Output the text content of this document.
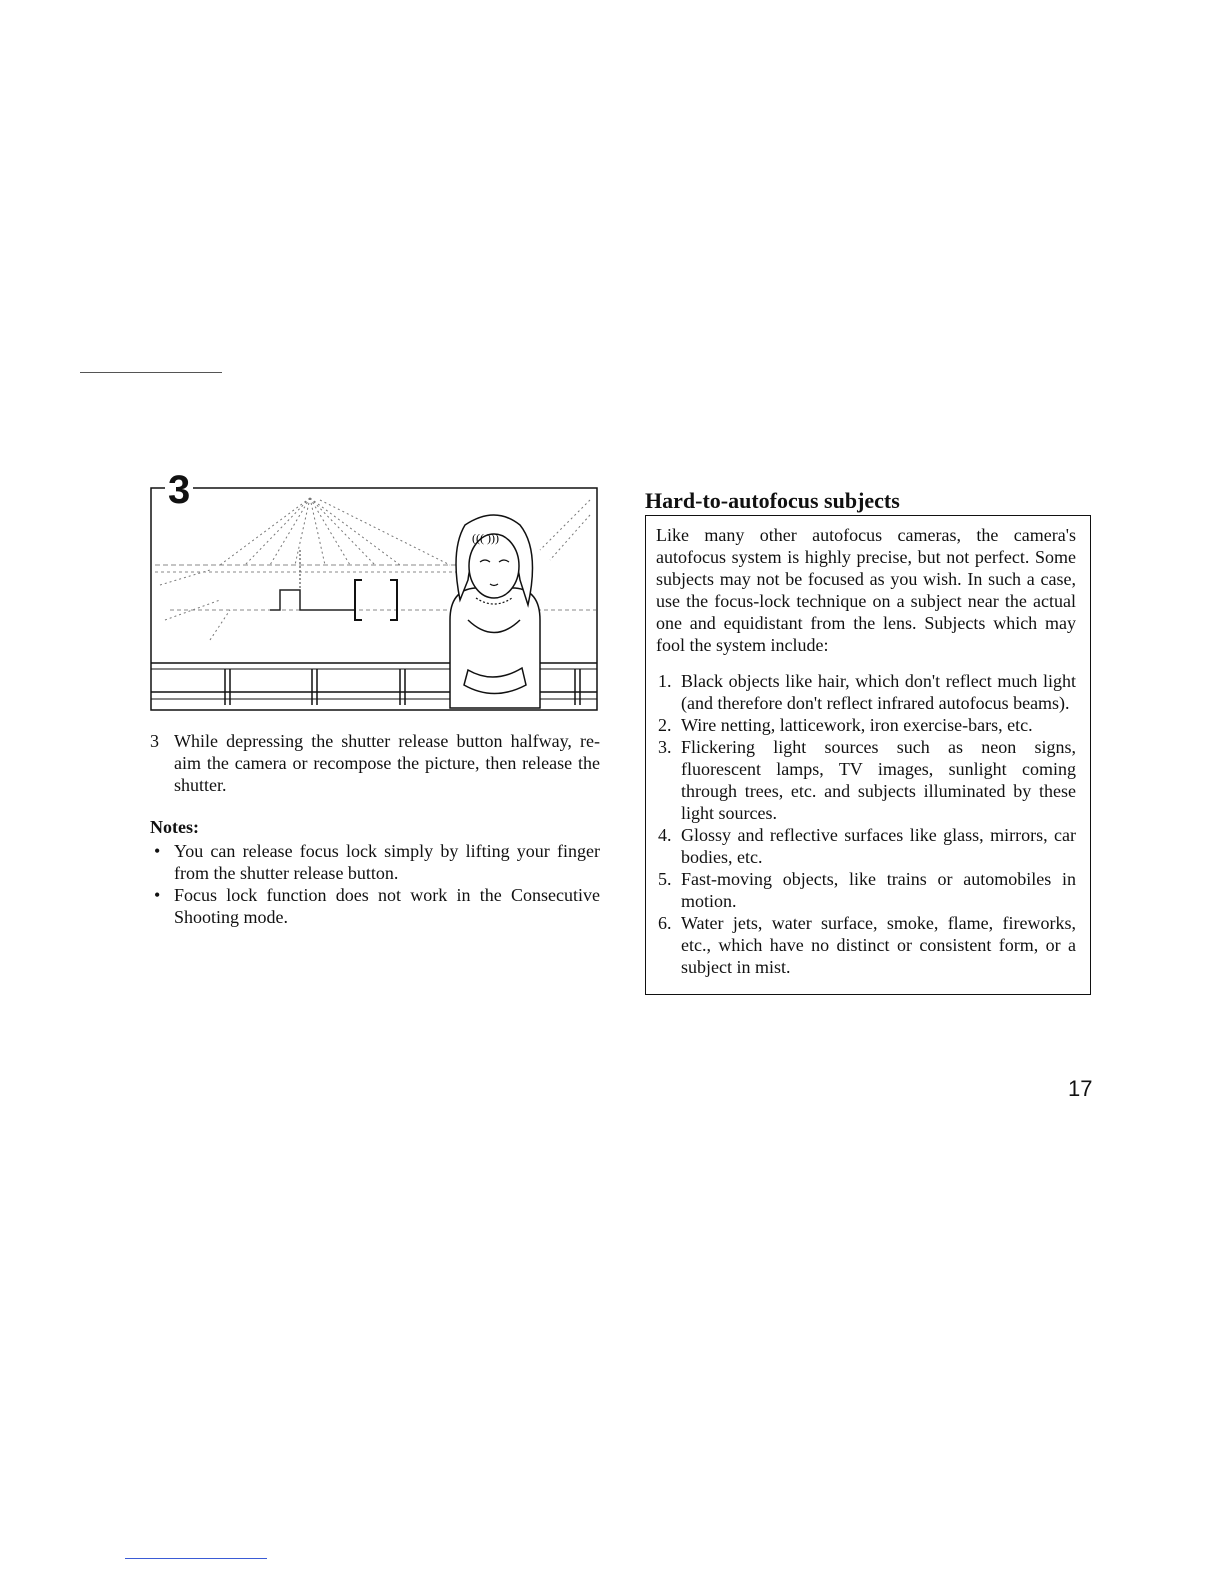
((( )))
3
3 While depressing the shutter release button halfway, re-aim the camera or recompose the picture, then release the shutter.
Notes:
• You can release focus lock simply by lifting your finger from the shutter release button.
• Focus lock function does not work in the Consecutive Shooting mode.
Hard-to-autofocus subjects

Like many other autofocus cameras, the camera's autofocus system is highly precise, but not perfect. Some subjects may not be focused as you wish. In such a case, use the focus-lock technique on a subject near the actual one and equidistant from the lens. Subjects which may fool the system include:

1. Black objects like hair, which don't reflect much light (and therefore don't reflect infrared autofocus beams).
2. Wire netting, latticework, iron exercise-bars, etc.
3. Flickering light sources such as neon signs, fluorescent lamps, TV images, sunlight coming through trees, etc. and subjects illuminated by these light sources.
4. Glossy and reflective surfaces like glass, mirrors, car bodies, etc.
5. Fast-moving objects, like trains or automobiles in motion.
6. Water jets, water surface, smoke, flame, fireworks, etc., which have no distinct or consistent form, or a subject in mist.
17
